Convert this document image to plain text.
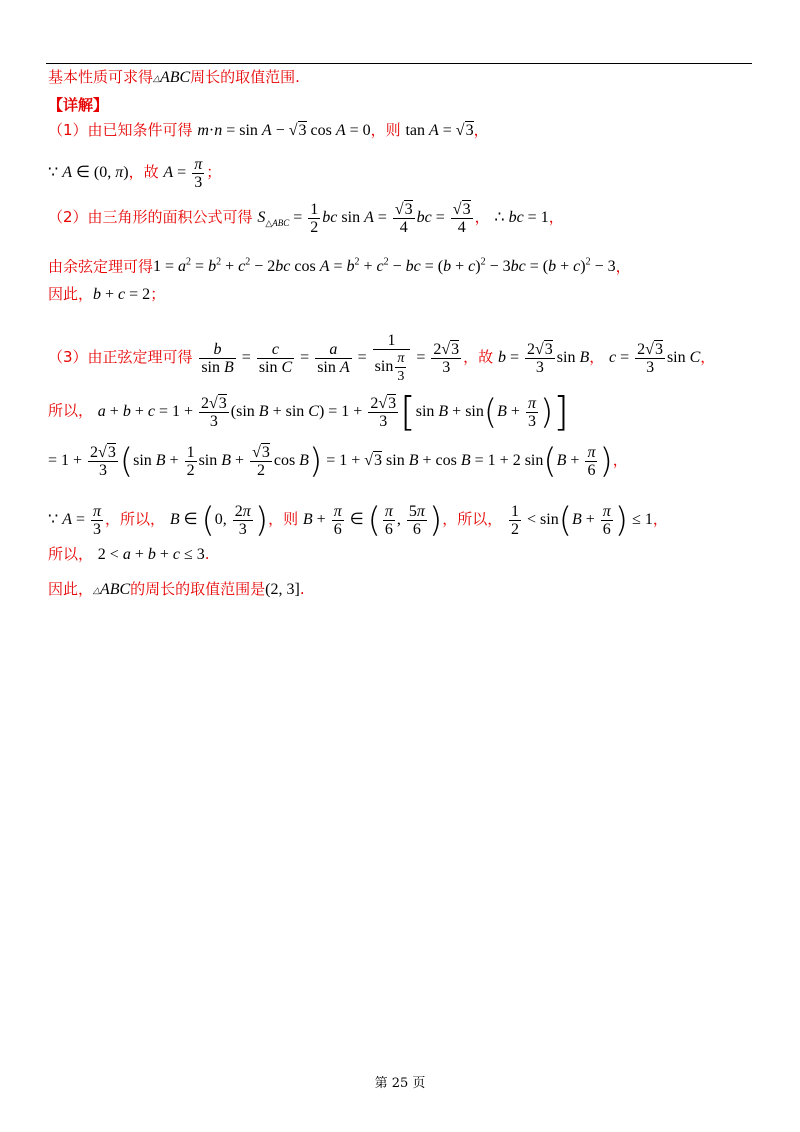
基本性质可求得△ABC周长的取值范围.
【详解】
（1）由已知条件可得 m·n = sin A − √3 cos A = 0，则 tan A = √3，
∵ A ∈ (0, π)，故 $A = \frac{\pi}{3}$ ；
（2）由三角形的面积公式可得 $S_{\triangle ABC} = \frac{1}{2}$ bc $\sin A = \frac{√3}{4}$ bc = $\frac{√3}{4}$ ， ∴ bc = 1，
由余弦定理可得$1 = a^2 = b^2 + c^2 - 2bc$ $\cos A = b^2 + c^2$ − bc = $(b + c)^2 - 3bc = (b + c)^2 - 3$，
因此，b + c = 2；
（3）由正弦定理可得 $\frac{b}{\text{sin B}} = \frac{c}{\text{sin C}} = \frac{a}{\text{sin A}} = \frac{1}{\sin \frac{\pi}{3}} = \frac{2√3}{3}$ ，故 $b = \frac{2√3}{3}$ sin B， $c = \frac{2√3}{3}$ sin C，
所以， $a + b + c = 1 + \frac{2√3}{3} (\sin$ $B + \sin C) = 1 + \frac{2√3}{3} [\sin$ $B + \sin(B + \frac{\pi}{3}$ )]
= $1 + \frac{2√3}{3} (\sin$ $B + \frac{1}{2}$ $\sin B + \frac{√3}{2}$ cos B) = 1 + √3 sin B + cos B = 1 + 2 $\sin(B + \frac{\pi}{6}$ )，
∵ $A = \frac{\pi}{3}$ ，所以， B ∈ (0, $\frac{2\pi}{3}$ )，则 $B + \frac{\pi}{6}$ ∈ ( $\frac{\pi}{6}$ , $\frac{5\pi}{6}$ )，所以， $\frac{1}{2} < \sin(B + \frac{\pi}{6}$ ) ≤ 1，
所以， 2 < a + b + c ≤ 3.
因此，△ABC的周长的取值范围是(2, 3].
第 25 页
